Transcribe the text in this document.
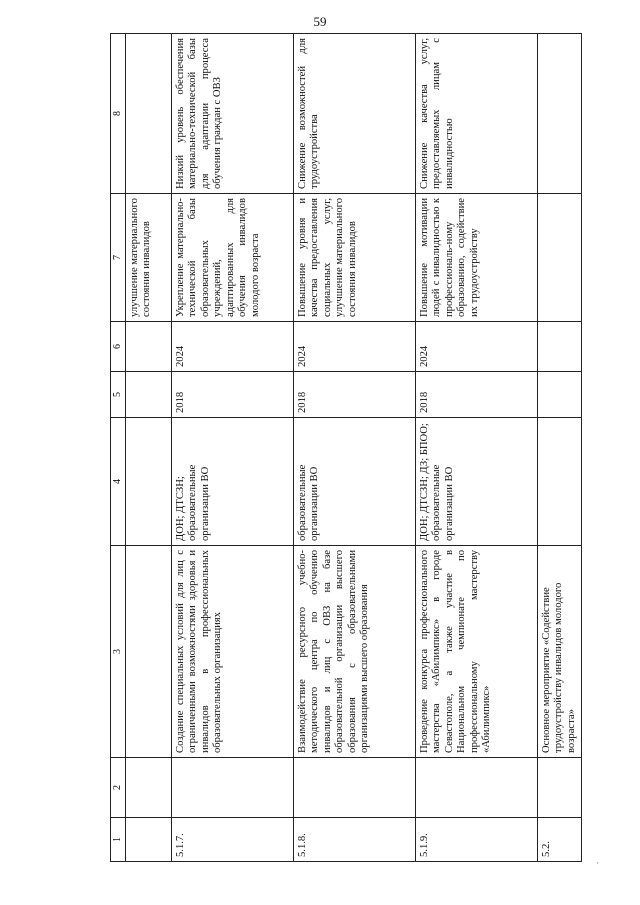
59
1	2	3	4	5	6	7	8
						улучшение материального состояния инвалидов	
5.1.7.		Создание специальных условий для лиц с ограниченными возможностями здоровья и инвалидов в профессиональных образовательных организациях	ДОН; ДТСЗН; образовательные организации ВО	2018	2024	Укрепление материально-технической базы образовательных учреждений, адаптированных для обучения инвалидов молодого возраста	Низкий уровень обеспечения материально-технической базы для адаптации процесса обучения граждан с ОВЗ
5.1.8.		Взаимодействие ресурсного учебно-методического центра по обучению инвалидов и лиц с ОВЗ на базе образовательной организации высшего образования с образовательными организациями высшего образования	образовательные организации ВО	2018	2024	Повышение уровня и качества предоставления социальных услуг, улучшение материального состояния инвалидов	Снижение возможностей для трудоустройства
5.1.9.		Проведение конкурса профессионального мастерства «Абилимпикс» в городе Севастополе, а также участие в Национальном чемпионате по профессиональному мастерству «Абилимпикс»	ДОН; ДТСЗН; ДЗ; БПОО; образовательные организации ВО	2018	2024	Повышение мотивации людей с инвалидностью к профессиональ-ному образованию, содействие их трудоустройству	Снижение качества услуг, предоставляемых лицам с инвалидностью
5.2.		Основное мероприятие «Содействие трудоустройству инвалидов молодого возраста»					
·
